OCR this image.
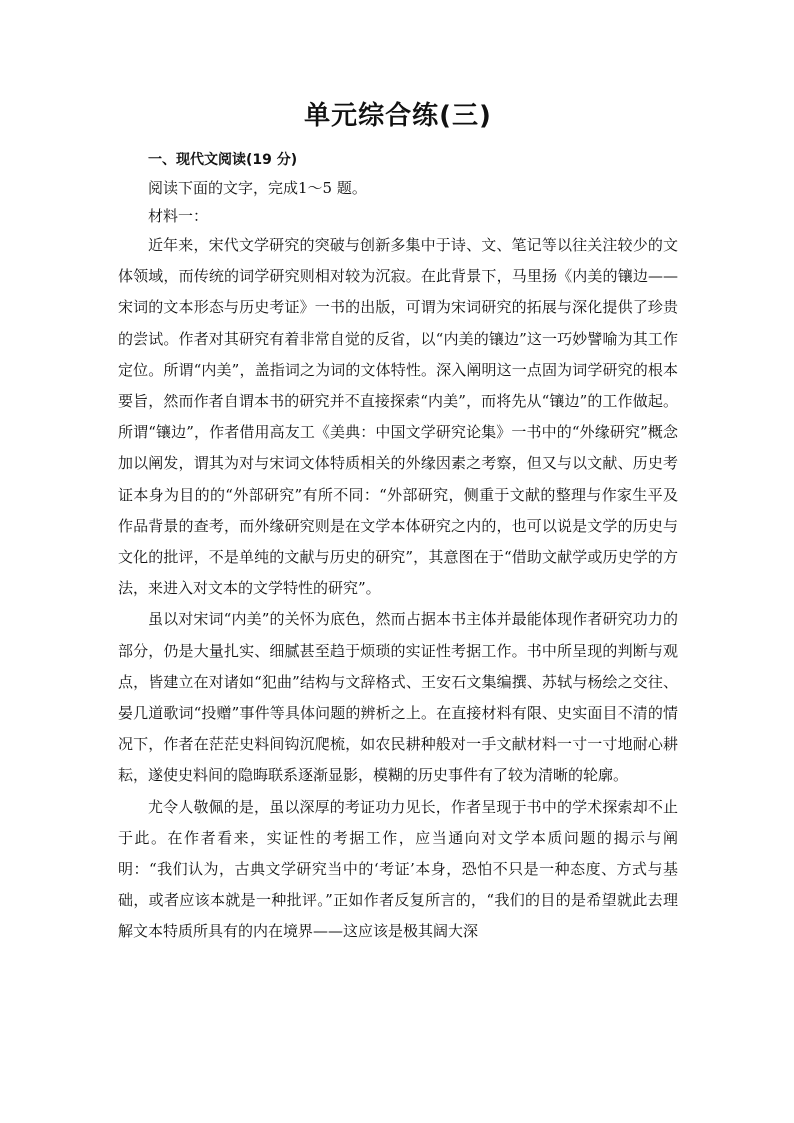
单元综合练(三)

一、现代文阅读(19 分)

阅读下面的文字，完成1～5 题。

材料一：

近年来，宋代文学研究的突破与创新多集中于诗、文、笔记等以往关注较少的文体领域，而传统的词学研究则相对较为沉寂。在此背景下，马里扬《内美的镶边——宋词的文本形态与历史考证》一书的出版，可谓为宋词研究的拓展与深化提供了珍贵的尝试。作者对其研究有着非常自觉的反省，以“内美的镶边”这一巧妙譬喻为其工作定位。所谓“内美”，盖指词之为词的文体特性。深入阐明这一点固为词学研究的根本要旨，然而作者自谓本书的研究并不直接探索“内美”，而将先从“镶边”的工作做起。所谓“镶边”，作者借用高友工《美典：中国文学研究论集》一书中的“外缘研究”概念加以阐发，谓其为对与宋词文体特质相关的外缘因素之考察，但又与以文献、历史考证本身为目的的“外部研究”有所不同：“外部研究，侧重于文献的整理与作家生平及作品背景的查考，而外缘研究则是在文学本体研究之内的，也可以说是文学的历史与文化的批评，不是单纯的文献与历史的研究”，其意图在于“借助文献学或历史学的方法，来进入对文本的文学特性的研究”。

虽以对宋词“内美”的关怀为底色，然而占据本书主体并最能体现作者研究功力的部分，仍是大量扎实、细腻甚至趋于烦琐的实证性考据工作。书中所呈现的判断与观点，皆建立在对诸如“犯曲”结构与文辞格式、王安石文集编撰、苏轼与杨绘之交往、晏几道歌词“投赠”事件等具体问题的辨析之上。在直接材料有限、史实面目不清的情况下，作者在茫茫史料间钩沉爬梳，如农民耕种般对一手文献材料一寸一寸地耐心耕耘，遂使史料间的隐晦联系逐渐显影，模糊的历史事件有了较为清晰的轮廓。

尤令人敬佩的是，虽以深厚的考证功力见长，作者呈现于书中的学术探索却不止于此。在作者看来，实证性的考据工作，应当通向对文学本质问题的揭示与阐明：“我们认为，古典文学研究当中的‘考证’本身，恐怕不只是一种态度、方式与基础，或者应该本就是一种批评。”正如作者反复所言的，“我们的目的是希望就此去理解文本特质所具有的内在境界——这应该是极其阔大深
